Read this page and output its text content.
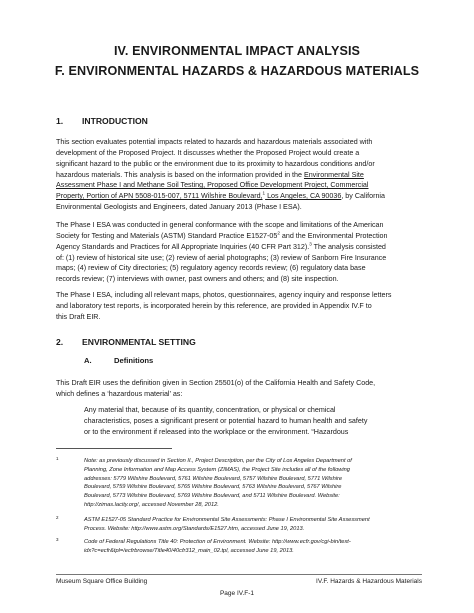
IV. ENVIRONMENTAL IMPACT ANALYSIS
F. ENVIRONMENTAL HAZARDS & HAZARDOUS MATERIALS
1. INTRODUCTION
This section evaluates potential impacts related to hazards and hazardous materials associated with
development of the Proposed Project. It discusses whether the Proposed Project would create a
significant hazard to the public or the environment due to its proximity to hazardous conditions and/or
hazardous materials. This analysis is based on the information provided in the Environmental Site
Assessment Phase I and Methane Soil Testing, Proposed Office Development Project, Commercial
Property, Portion of APN 5508-015-007, 5711 Wilshire Boulevard,$^1$ Los Angeles, CA 90036, by California
Environmental Geologists and Engineers, dated January 2013 (Phase I ESA).
The Phase I ESA was conducted in general conformance with the scope and limitations of the American
Society for Testing and Materials (ASTM) Standard Practice $E1527-05^2$ and the Environmental Protection
Agency Standards and Practices for All Appropriate Inquiries (40 CFR Part 312).$^3$ The analysis consisted
of: (1) review of historical site use; (2) review of aerial photographs; (3) review of Sanborn Fire Insurance
maps; (4) review of City directories; (5) regulatory agency records review; (6) regulatory data base
records review; (7) interviews with owner, past owners and others; and (8) site inspection.
The Phase I ESA, including all relevant maps, photos, questionnaires, agency inquiry and response letters
and laboratory test reports, is incorporated herein by this reference, are provided in Appendix IV.F to
this Draft EIR.
2. ENVIRONMENTAL SETTING
A.	Definitions
This Draft EIR uses the definition given in Section 25501(o) of the California Health and Safety Code,
which defines a ‘hazardous material’ as:
Any material that, because of its quantity, concentration, or physical or chemical
characteristics, poses a significant present or potential hazard to human health and safety
or to the environment if released into the workplace or the environment. “Hazardous
1	Note: as previously discussed in Section II., Project Description, per the City of Los Angeles Department of
Planning, Zone Information and Map Access System (ZIMAS), the Project Site includes all of the following
addresses: 5779 Wilshire Boulevard, 5761 Wilshire Boulevard, 5757 Wilshire Boulevard, 5771 Wilshire
Boulevard, 5759 Wilshire Boulevard, 5765 Wilshire Boulevard, 5763 Wilshire Boulevard, 5767 Wilshire
Boulevard, 5773 Wilshire Boulevard, 5769 Wilshire Boulevard, and 5711 Wilshire Boulevard. Website:
http://zimas.lacity.org/, accessed November 28, 2012.
2	ASTM E1527-05 Standard Practice for Environmental Site Assessments: Phase I Environmental Site Assessment
Process. Website: http://www.astm.org/Standards/E1527.htm, accessed June 19, 2013.
3	Code of Federal Regulations Title 40: Protection of Environment. Website: http://www.ecfr.gov/cgi-bin/text-
idx?c=ecfr&tpl=/ecfrbrowse/Title40/40cfr312_main_02.tpl, accessed June 19, 2013.
Museum Square Office Building	IV.F. Hazards & Hazardous Materials
Page IV.F-1
